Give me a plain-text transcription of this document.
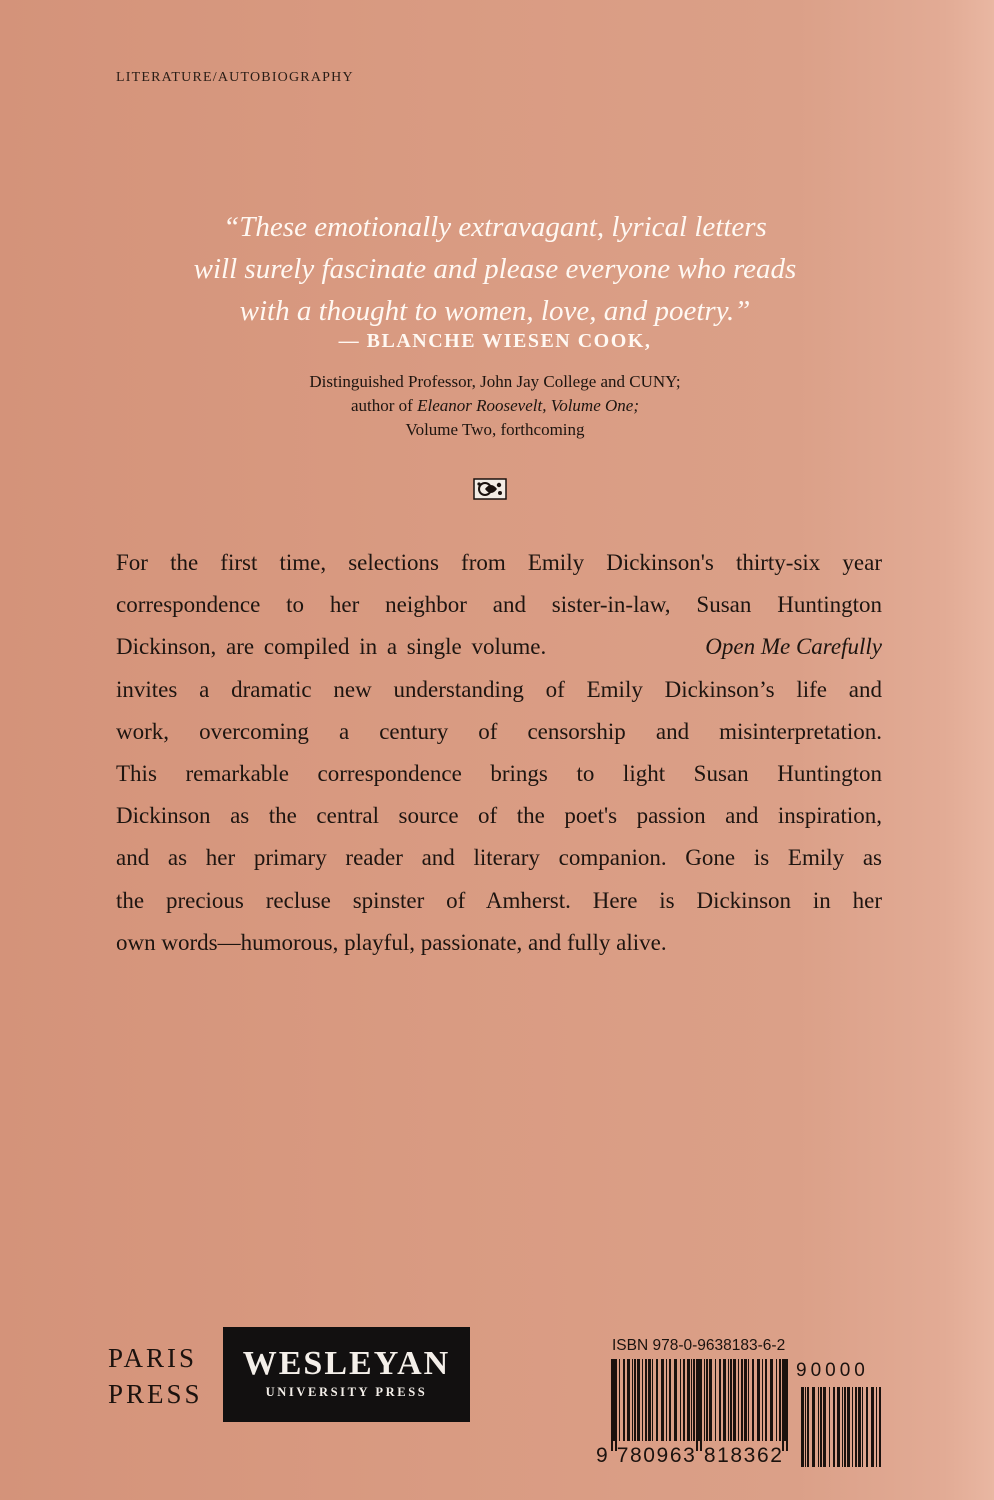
LITERATURE/AUTOBIOGRAPHY
“These emotionally extravagant, lyrical letters
will surely fascinate and please everyone who reads
with a thought to women, love, and poetry.”
— BLANCHE WIESEN COOK,
Distinguished Professor, John Jay College and CUNY;
author of Eleanor Roosevelt, Volume One;
Volume Two, forthcoming
For the first time, selections from Emily Dickinson's thirty-six year
correspondence to her neighbor and sister-in-law, Susan Huntington
Dickinson, are compiled in a single volume.	Open Me Carefully
invites a dramatic new understanding of Emily Dickinson’s life and
work, overcoming a century of censorship and misinterpretation.
This remarkable correspondence brings to light Susan Huntington
Dickinson as the central source of the poet's passion and inspiration,
and as her primary reader and literary companion. Gone is Emily as
the precious recluse spinster of Amherst. Here is Dickinson in her
own words—humorous, playful, passionate, and fully alive.
PARIS
PRESS
WESLEYAN
UNIVERSITY PRESS
ISBN 978-0-9638183-6-2
90000
9 780963 818362
